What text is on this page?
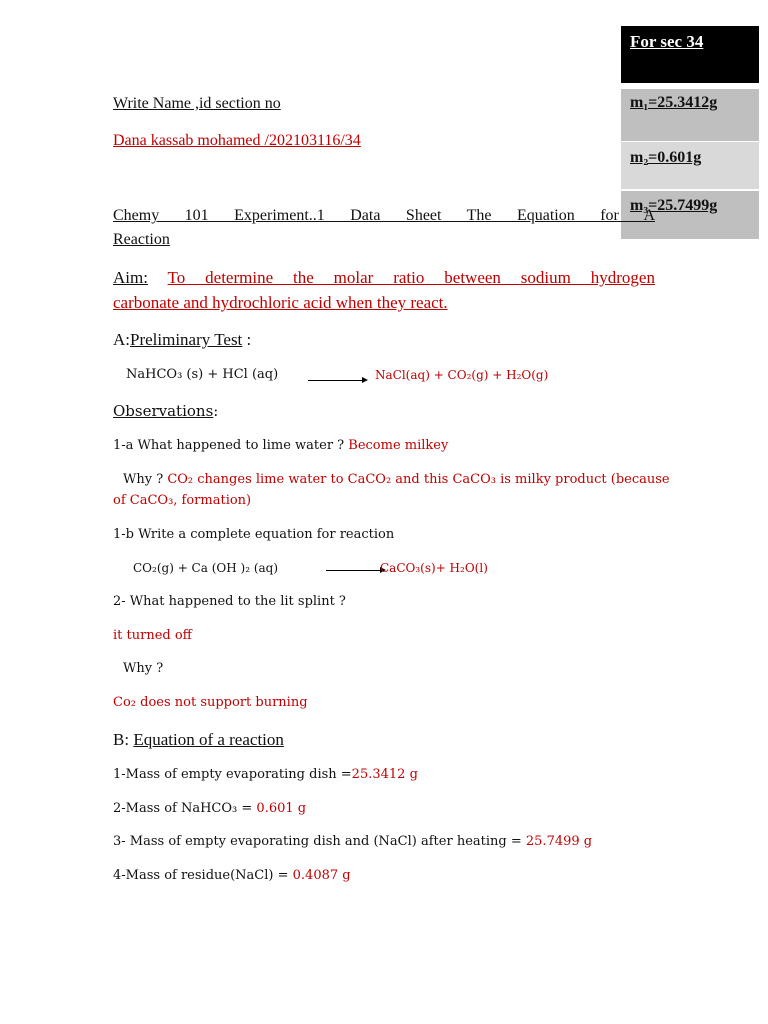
For sec 34
m₁=25.3412g
m₂=0.601g
m₃=25.7499g
Write Name ,id section no
Dana kassab mohamed /202103116/34
Chemy 101 Experiment..1 Data Sheet The Equation for A
Reaction
Aim: To determine the molar ratio between sodium hydrogen
carbonate and hydrochloric acid when they react.
A:Preliminary Test :
NaHCO₃ (s) + HCl (aq) → NaCl(aq) + CO₂(g) + H₂O(g)
Observations:
1-a What happened to lime water ? Become milkey
Why ? CO₂ changes lime water to CaCO₂ and this CaCO₃ is milky product (because
of CaCO₃, formation)
1-b Write a complete equation for reaction
CO₂(g) + Ca (OH )₂ (aq)	CaCO₃(s)+ H₂O(l)
2- What happened to the lit splint ?
it turned off
Why ?
Co₂ does not support burning
B: Equation of a reaction
1-Mass of empty evaporating dish =25.3412 g
2-Mass of NaHCO₃ = 0.601 g
3- Mass of empty evaporating dish and (NaCl) after heating = 25.7499 g
4-Mass of residue(NaCl) = 0.4087 g
